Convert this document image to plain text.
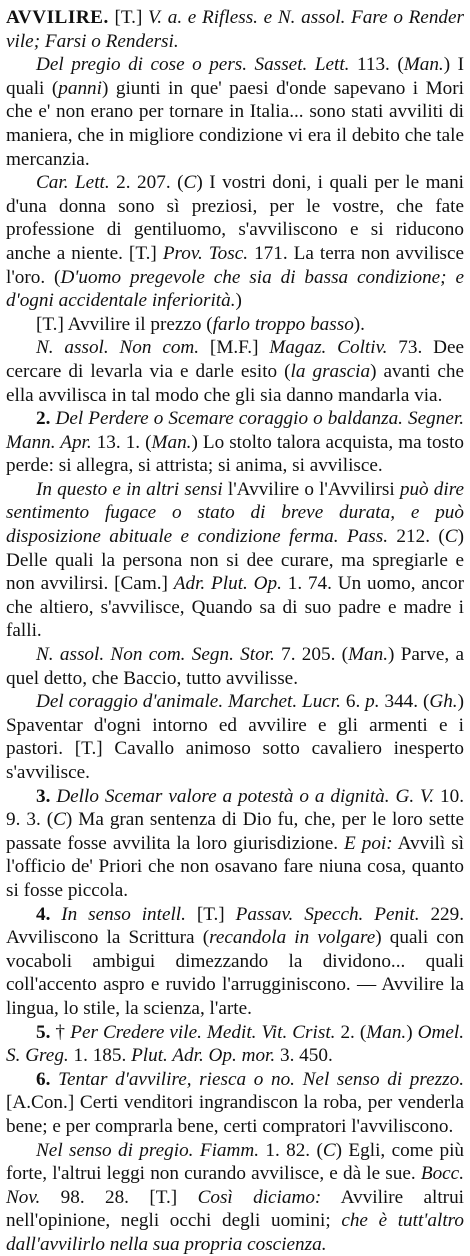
AVVILIRE. [T.] V. a. e Rifless. e N. assol. Fare o Render vile; Farsi o Rendersi.

Del pregio di cose o pers. Sasset. Lett. 113. (Man.) I quali (panni) giunti in que' paesi d'onde sapevano i Mori che e' non erano per tornare in Italia... sono stati avviliti di maniera, che in migliore condizione vi era il debito che tale mercanzia.

Car. Lett. 2. 207. (C) I vostri doni, i quali per le mani d'una donna sono sì preziosi, per le vostre, che fate professione di gentiluomo, s'avviliscono e si riducono anche a niente. [T.] Prov. Tosc. 171. La terra non avvilisce l'oro. (D'uomo pregevole che sia di bassa condizione; e d'ogni accidentale inferiorità.)

[T.] Avvilire il prezzo (farlo troppo basso).

N. assol. Non com. [M.F.] Magaz. Coltiv. 73. Dee cercare di levarla via e darle esito (la grascia) avanti che ella avvilisca in tal modo che gli sia danno mandarla via.

2. Del Perdere o Scemare coraggio o baldanza. Segner. Mann. Apr. 13. 1. (Man.) Lo stolto talora acquista, ma tosto perde: si allegra, si attrista; si anima, si avvilisce.

In questo e in altri sensi l'Avvilire o l'Avvilirsi può dire sentimento fugace o stato di breve durata, e può disposizione abituale e condizione ferma. Pass. 212. (C) Delle quali la persona non si dee curare, ma spregiarle e non avvilirsi. [Cam.] Adr. Plut. Op. 1. 74. Un uomo, ancor che altiero, s'avvilisce, Quando sa di suo padre e madre i falli.

N. assol. Non com. Segn. Stor. 7. 205. (Man.) Parve, a quel detto, che Baccio, tutto avvilisse.

Del coraggio d'animale. Marchet. Lucr. 6. p. 344. (Gh.) Spaventar d'ogni intorno ed avvilire e gli armenti e i pastori. [T.] Cavallo animoso sotto cavaliero inesperto s'avvilisce.

3. Dello Scemar valore a potestà o a dignità. G. V. 10. 9. 3. (C) Ma gran sentenza di Dio fu, che, per le loro sette passate fosse avvilita la loro giurisdizione. E poi: Avvilì sì l'officio de' Priori che non osavano fare niuna cosa, quanto si fosse piccola.

4. In senso intell. [T.] Passav. Specch. Penit. 229. Avviliscono la Scrittura (recandola in volgare) quali con vocaboli ambigui dimezzando la dividono... quali coll'accento aspro e ruvido l'arrugginiscono. — Avvilire la lingua, lo stile, la scienza, l'arte.

5. † Per Credere vile. Medit. Vit. Crist. 2. (Man.) Omel. S. Greg. 1. 185. Plut. Adr. Op. mor. 3. 450.

6. Tentar d'avvilire, riesca o no. Nel senso di prezzo. [A.Con.] Certi venditori ingrandiscon la roba, per venderla bene; e per comprarla bene, certi compratori l'avviliscono.

Nel senso di pregio. Fiamm. 1. 82. (C) Egli, come più forte, l'altrui leggi non curando avvilisce, e dà le sue. Bocc. Nov. 98. 28. [T.] Così diciamo: Avvilire altrui nell'opinione, negli occhi degli uomini; che è tutt'altro dall'avvilirlo nella sua propria coscienza.
